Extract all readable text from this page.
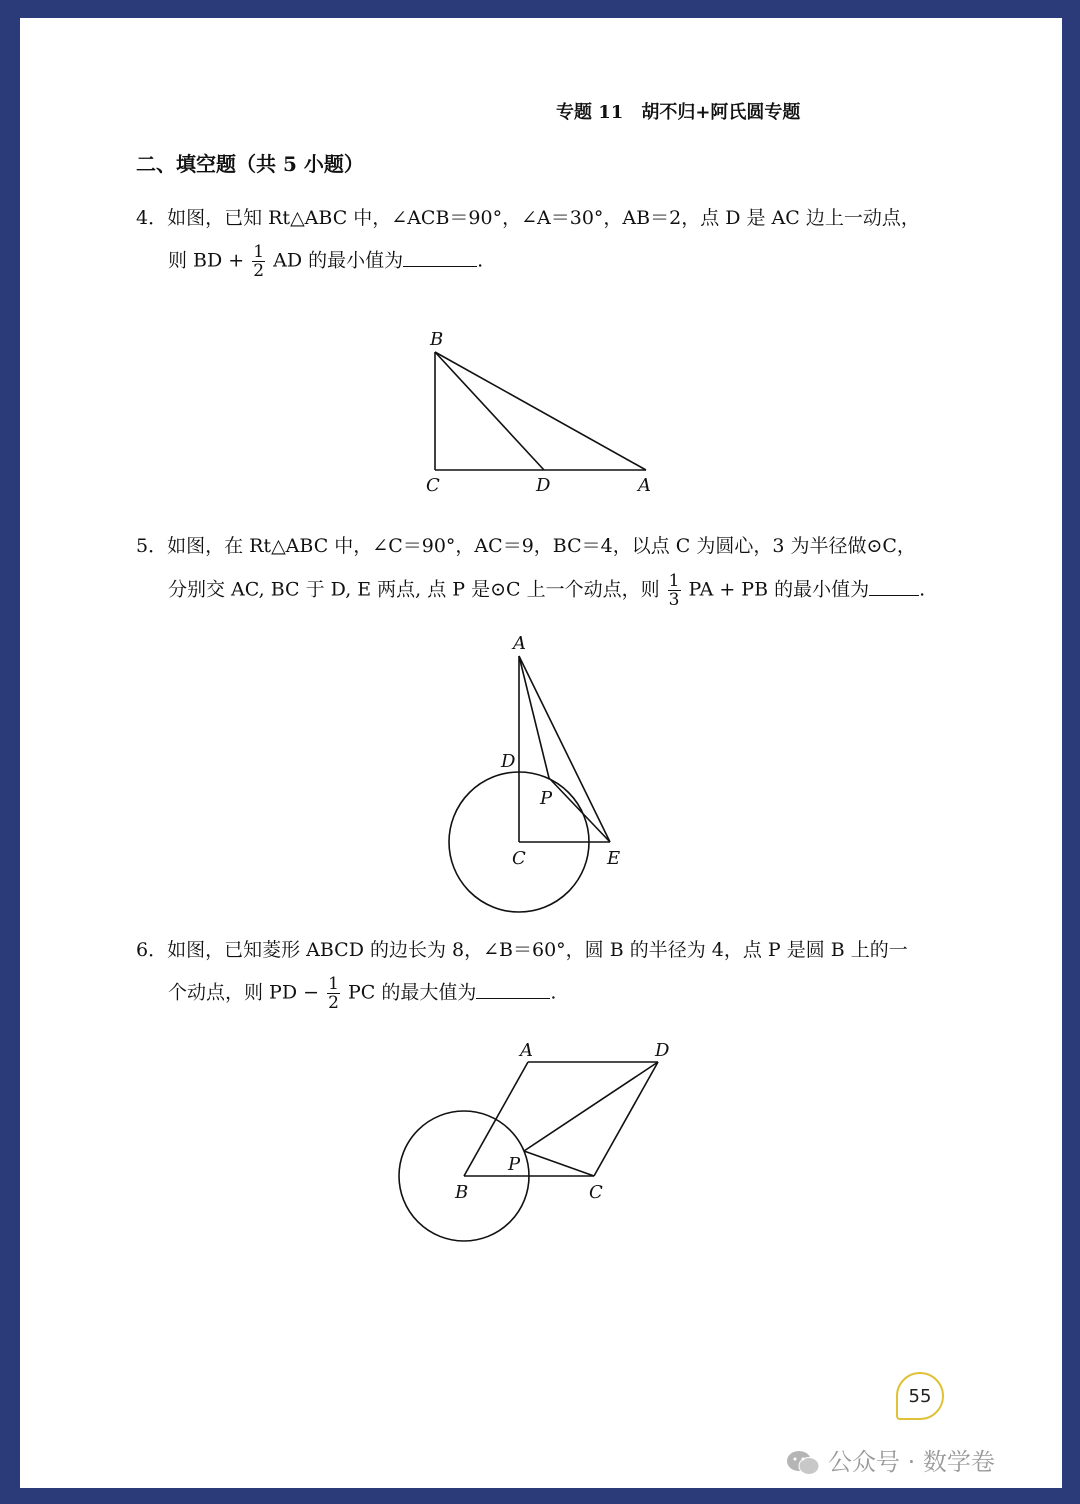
专题 11　胡不归+阿氏圆专题
二、填空题（共 5 小题）
4．如图，已知 Rt△ABC 中，∠ACB＝90°，∠A＝30°，AB＝2，点 D 是 AC 边上一动点，
则 BD + $\frac{1}{2}$ AD 的最小值为	.
B
C	D	A
A
D
P
C	E
A	D
P
B	C
5．如图，在 Rt△ABC 中，∠C＝90°，AC＝9，BC＝4，以点 C 为圆心，3 为半径做⊙C，
分别交 AC, BC 于 D, E 两点, 点 P 是⊙C 上一个动点，则 $\frac{1}{3}$ PA + PB 的最小值为	.
6．如图，已知菱形 ABCD 的边长为 8，∠B＝60°，圆 B 的半径为 4，点 P 是圆 B 上的一
个动点，则 PD − $\frac{1}{2}$ PC 的最大值为	.
55
公众号 · 数学卷
